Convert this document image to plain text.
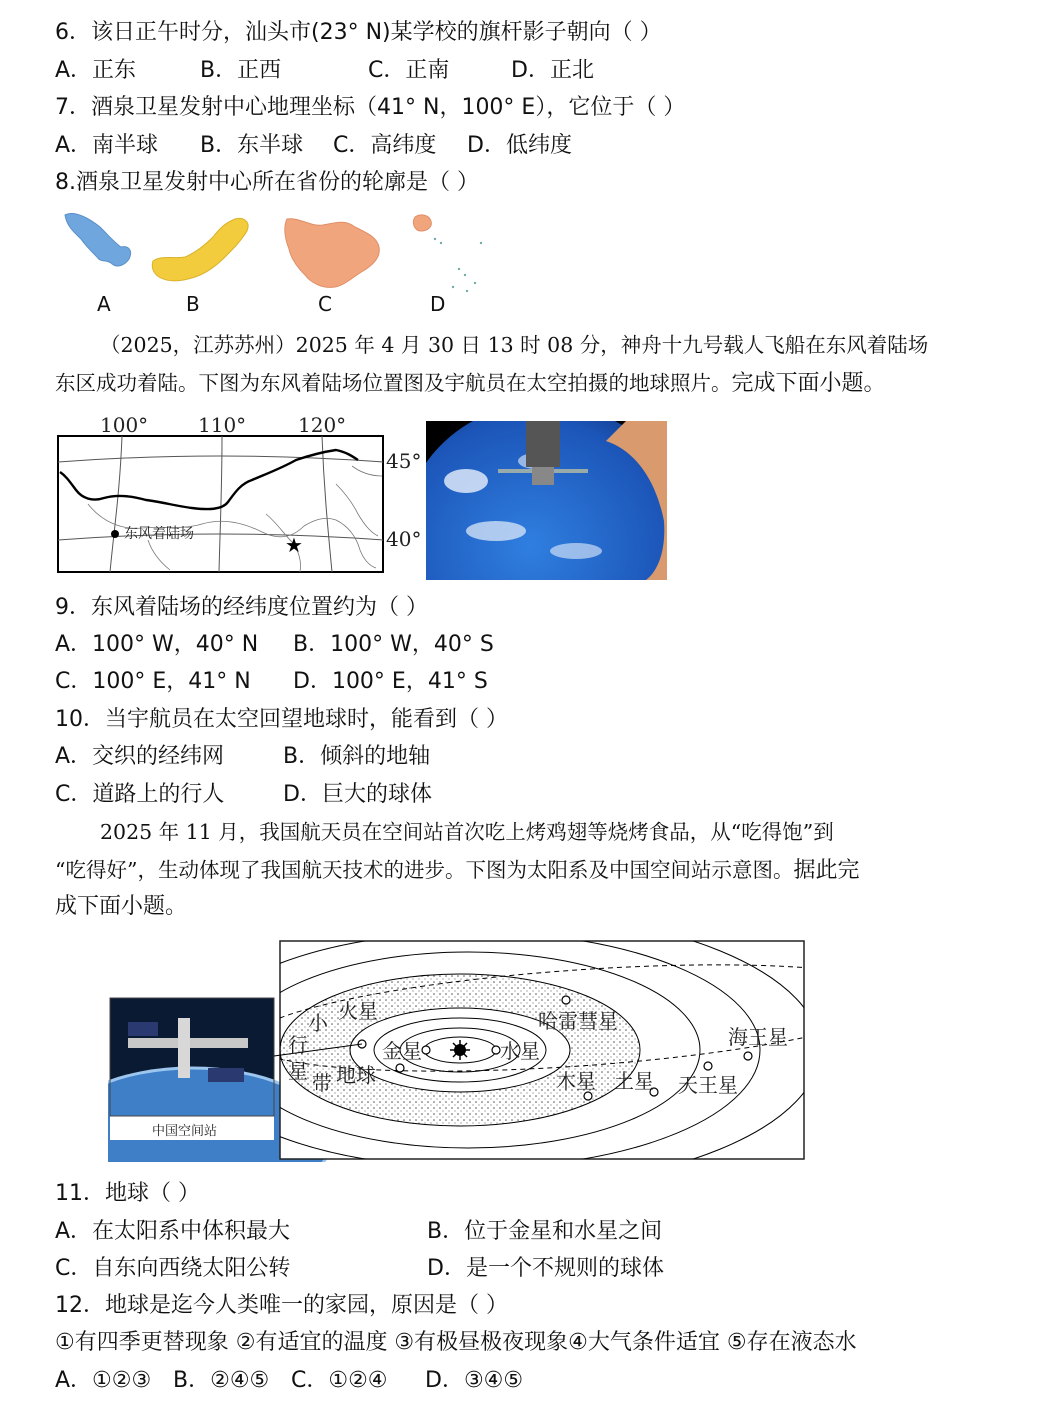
6．该日正午时分，汕头市(23° N)某学校的旗杆影子朝向（ ）
A．正东	B．正西	C．正南	D．正北
7．酒泉卫星发射中心地理坐标（41° N，100° E），它位于（ ）
A．南半球 B．东半球 C．高纬度 D．低纬度
8.酒泉卫星发射中心所在省份的轮廓是（ ）
A	B	C	D
（2025，江苏苏州）2025 年 4 月 30 日 13 时 08 分，神舟十九号载人飞船在东风着陆场
东区成功着陆。下图为东风着陆场位置图及宇航员在太空拍摄的地球照片。完成下面小题。
东风着陆场	★
100° 110°	120°
45°
40°
9．东风着陆场的经纬度位置约为（ ）
A．100° W，40° N B．100° W，40° S
C．100° E，41° N D．100° E，41° S
10．当宇航员在太空回望地球时，能看到（ ）
A．交织的经纬网	B．倾斜的地轴
C．道路上的行人	D．巨大的球体
2025 年 11 月，我国航天员在空间站首次吃上烤鸡翅等烧烤食品，从“吃得饱”到
“吃得好”，生动体现了我国航天技术的进步。下图为太阳系及中国空间站示意图。据此完
成下面小题。
中国空间站
小
行
星 带
火星
金星	水星
地球
哈雷彗星
木星 土星 天王星
海王星
11．地球（ ）
A．在太阳系中体积最大	B．位于金星和水星之间
C．自东向西绕太阳公转	D．是一个不规则的球体
12．地球是迄今人类唯一的家园，原因是（ ）
①有四季更替现象 ②有适宜的温度 ③有极昼极夜现象④大气条件适宜 ⑤存在液态水
A．①②③ B．②④⑤ C．①②④ D．③④⑤
